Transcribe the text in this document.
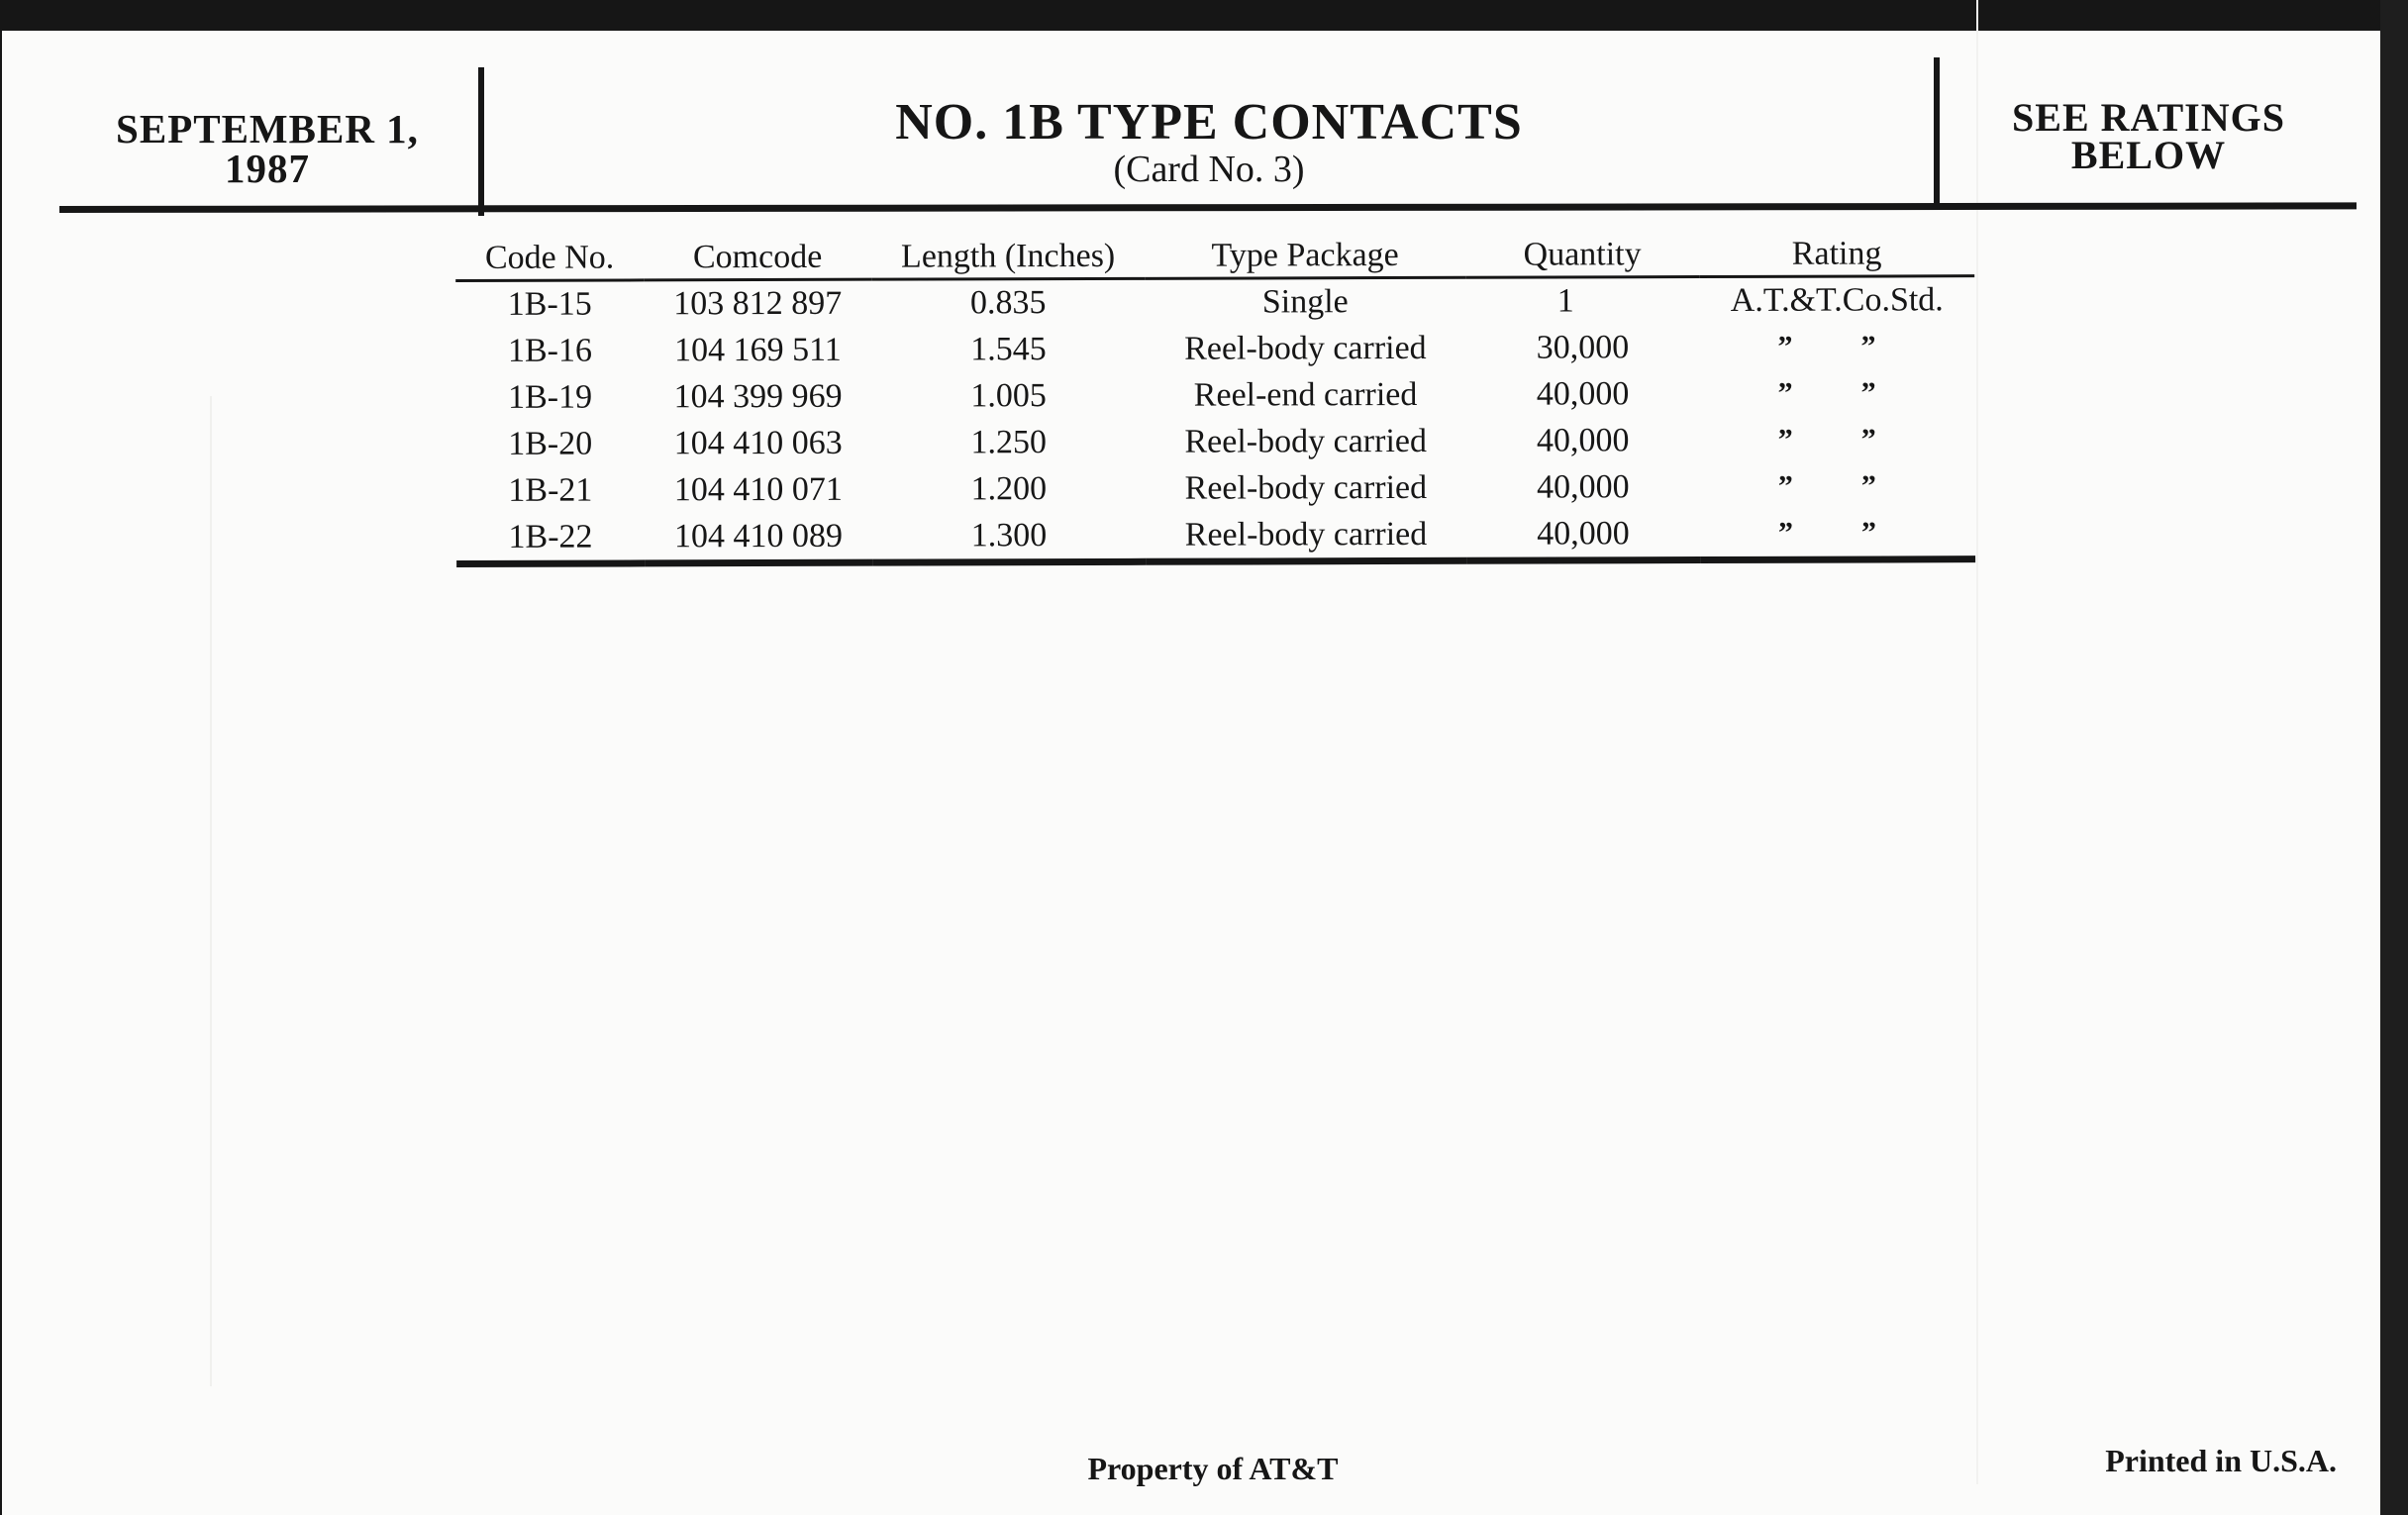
SEPTEMBER 1,
1987
NO. 1B TYPE CONTACTS
(Card No. 3)
SEE RATINGS
BELOW
Code No.	Comcode	Length (Inches)	Type Package	Quantity	Rating
1B-15	103 812 897	0.835	Single	1	A.T.&T.Co.Std.
1B-16	104 169 511	1.545	Reel-body carried	30,000	” ”
1B-19	104 399 969	1.005	Reel-end carried	40,000	” ”
1B-20	104 410 063	1.250	Reel-body carried	40,000	” ”
1B-21	104 410 071	1.200	Reel-body carried	40,000	” ”
1B-22	104 410 089	1.300	Reel-body carried	40,000	” ”
Property of AT&T	Printed in U.S.A.
